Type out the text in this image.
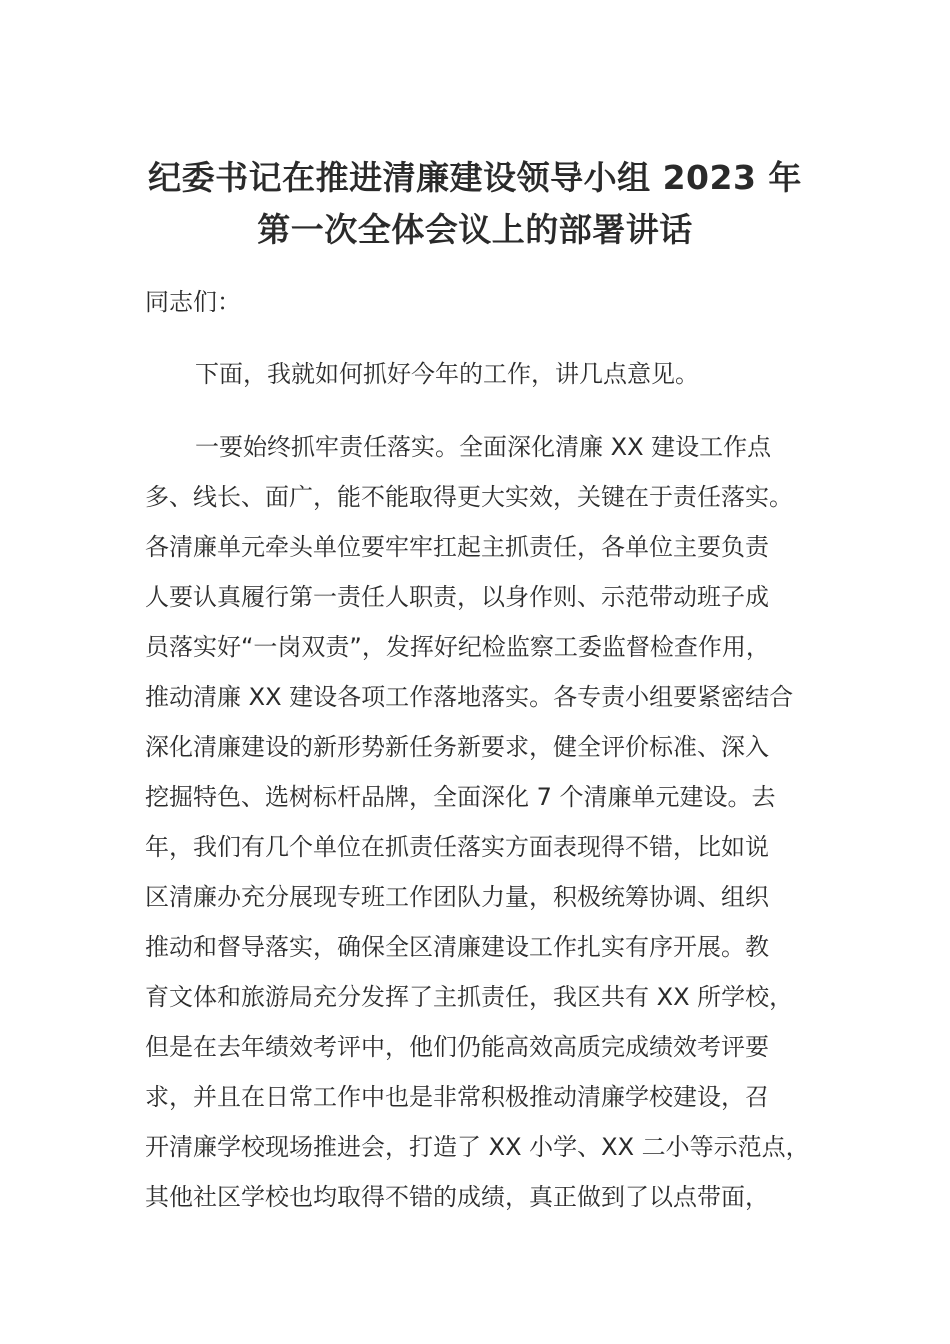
纪委书记在推进清廉建设领导小组 2023 年
第一次全体会议上的部署讲话
同志们：
下面，我就如何抓好今年的工作，讲几点意见。
一要始终抓牢责任落实。全面深化清廉 XX 建设工作点
多、线长、面广，能不能取得更大实效，关键在于责任落实。
各清廉单元牵头单位要牢牢扛起主抓责任，各单位主要负责
人要认真履行第一责任人职责，以身作则、示范带动班子成
员落实好“一岗双责”，发挥好纪检监察工委监督检查作用，
推动清廉 XX 建设各项工作落地落实。各专责小组要紧密结合
深化清廉建设的新形势新任务新要求，健全评价标准、深入
挖掘特色、选树标杆品牌，全面深化 7 个清廉单元建设。去
年，我们有几个单位在抓责任落实方面表现得不错，比如说
区清廉办充分展现专班工作团队力量，积极统筹协调、组织
推动和督导落实，确保全区清廉建设工作扎实有序开展。教
育文体和旅游局充分发挥了主抓责任，我区共有 XX 所学校，
但是在去年绩效考评中，他们仍能高效高质完成绩效考评要
求，并且在日常工作中也是非常积极推动清廉学校建设，召
开清廉学校现场推进会，打造了 XX 小学、XX 二小等示范点，
其他社区学校也均取得不错的成绩，真正做到了以点带面，
